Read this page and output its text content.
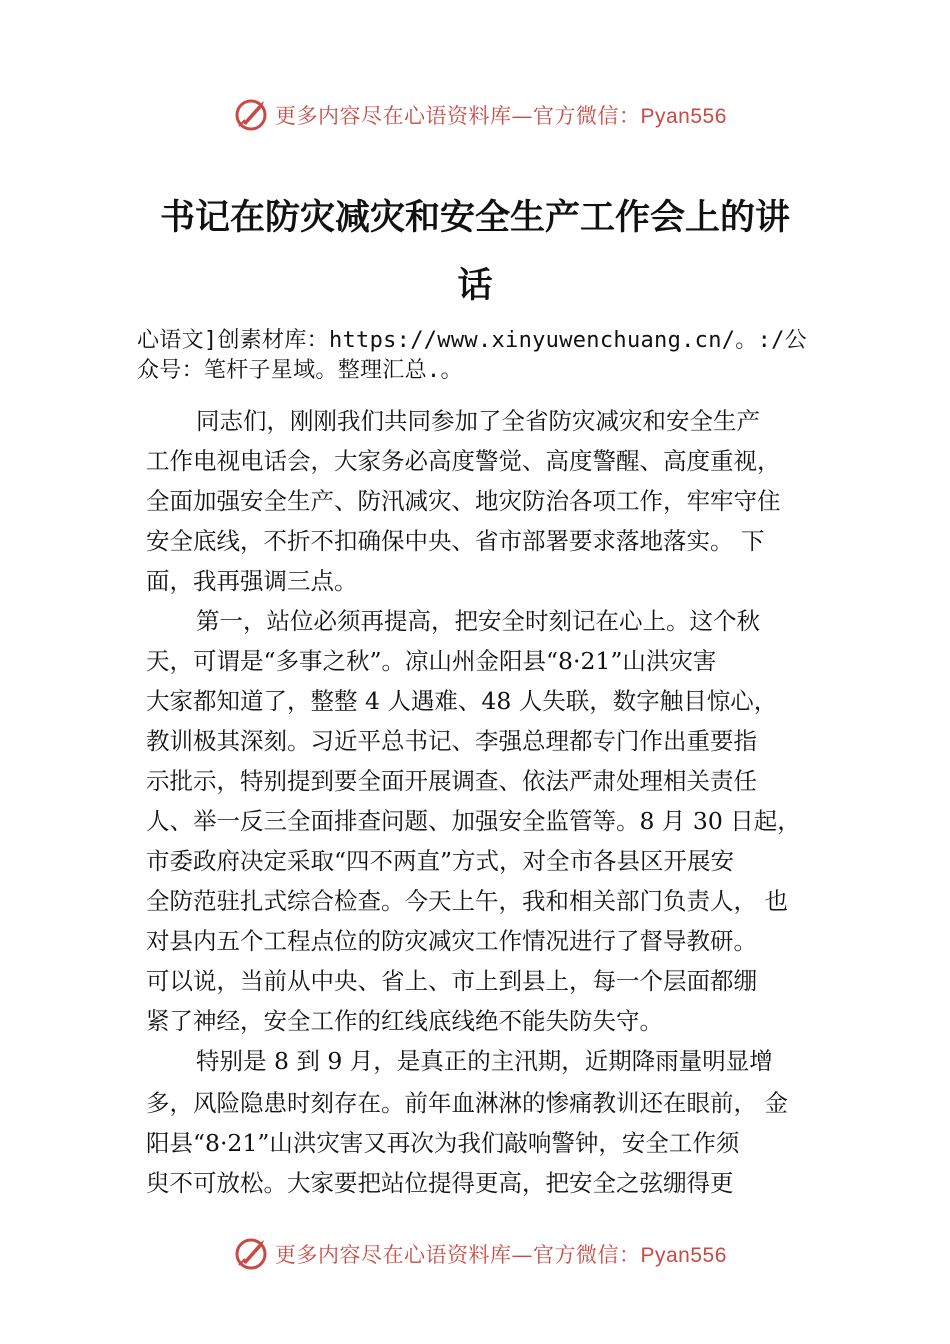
更多内容尽在心语资料库—官方微信：Pyan556
书记在防灾减灾和安全生产工作会上的讲
话
心语文]创素材库：https://www.xinyuwenchuang.cn/。:/公
众号：笔杆子星域。整理汇总.。
同志们，刚刚我们共同参加了全省防灾减灾和安全生产
工作电视电话会，大家务必高度警觉、高度警醒、高度重视，
全面加强安全生产、防汛减灾、地灾防治各项工作，牢牢守住
安全底线，不折不扣确保中央、省市部署要求落地落实。 下
面，我再强调三点。
第一，站位必须再提高，把安全时刻记在心上。这个秋
天，可谓是“多事之秋”。凉山州金阳县“8·21”山洪灾害
大家都知道了，整整 4 人遇难、48 人失联，数字触目惊心，
教训极其深刻。习近平总书记、李强总理都专门作出重要指
示批示，特别提到要全面开展调查、依法严肃处理相关责任
人、举一反三全面排查问题、加强安全监管等。8 月 30 日起，
市委政府决定采取“四不两直”方式，对全市各县区开展安
全防范驻扎式综合检查。今天上午，我和相关部门负责人， 也
对县内五个工程点位的防灾减灾工作情况进行了督导教研。
可以说，当前从中央、省上、市上到县上，每一个层面都绷
紧了神经，安全工作的红线底线绝不能失防失守。
特别是 8 到 9 月，是真正的主汛期，近期降雨量明显增
多，风险隐患时刻存在。前年血淋淋的惨痛教训还在眼前， 金
阳县“8·21”山洪灾害又再次为我们敲响警钟，安全工作须
臾不可放松。大家要把站位提得更高，把安全之弦绷得更
更多内容尽在心语资料库—官方微信：Pyan556
